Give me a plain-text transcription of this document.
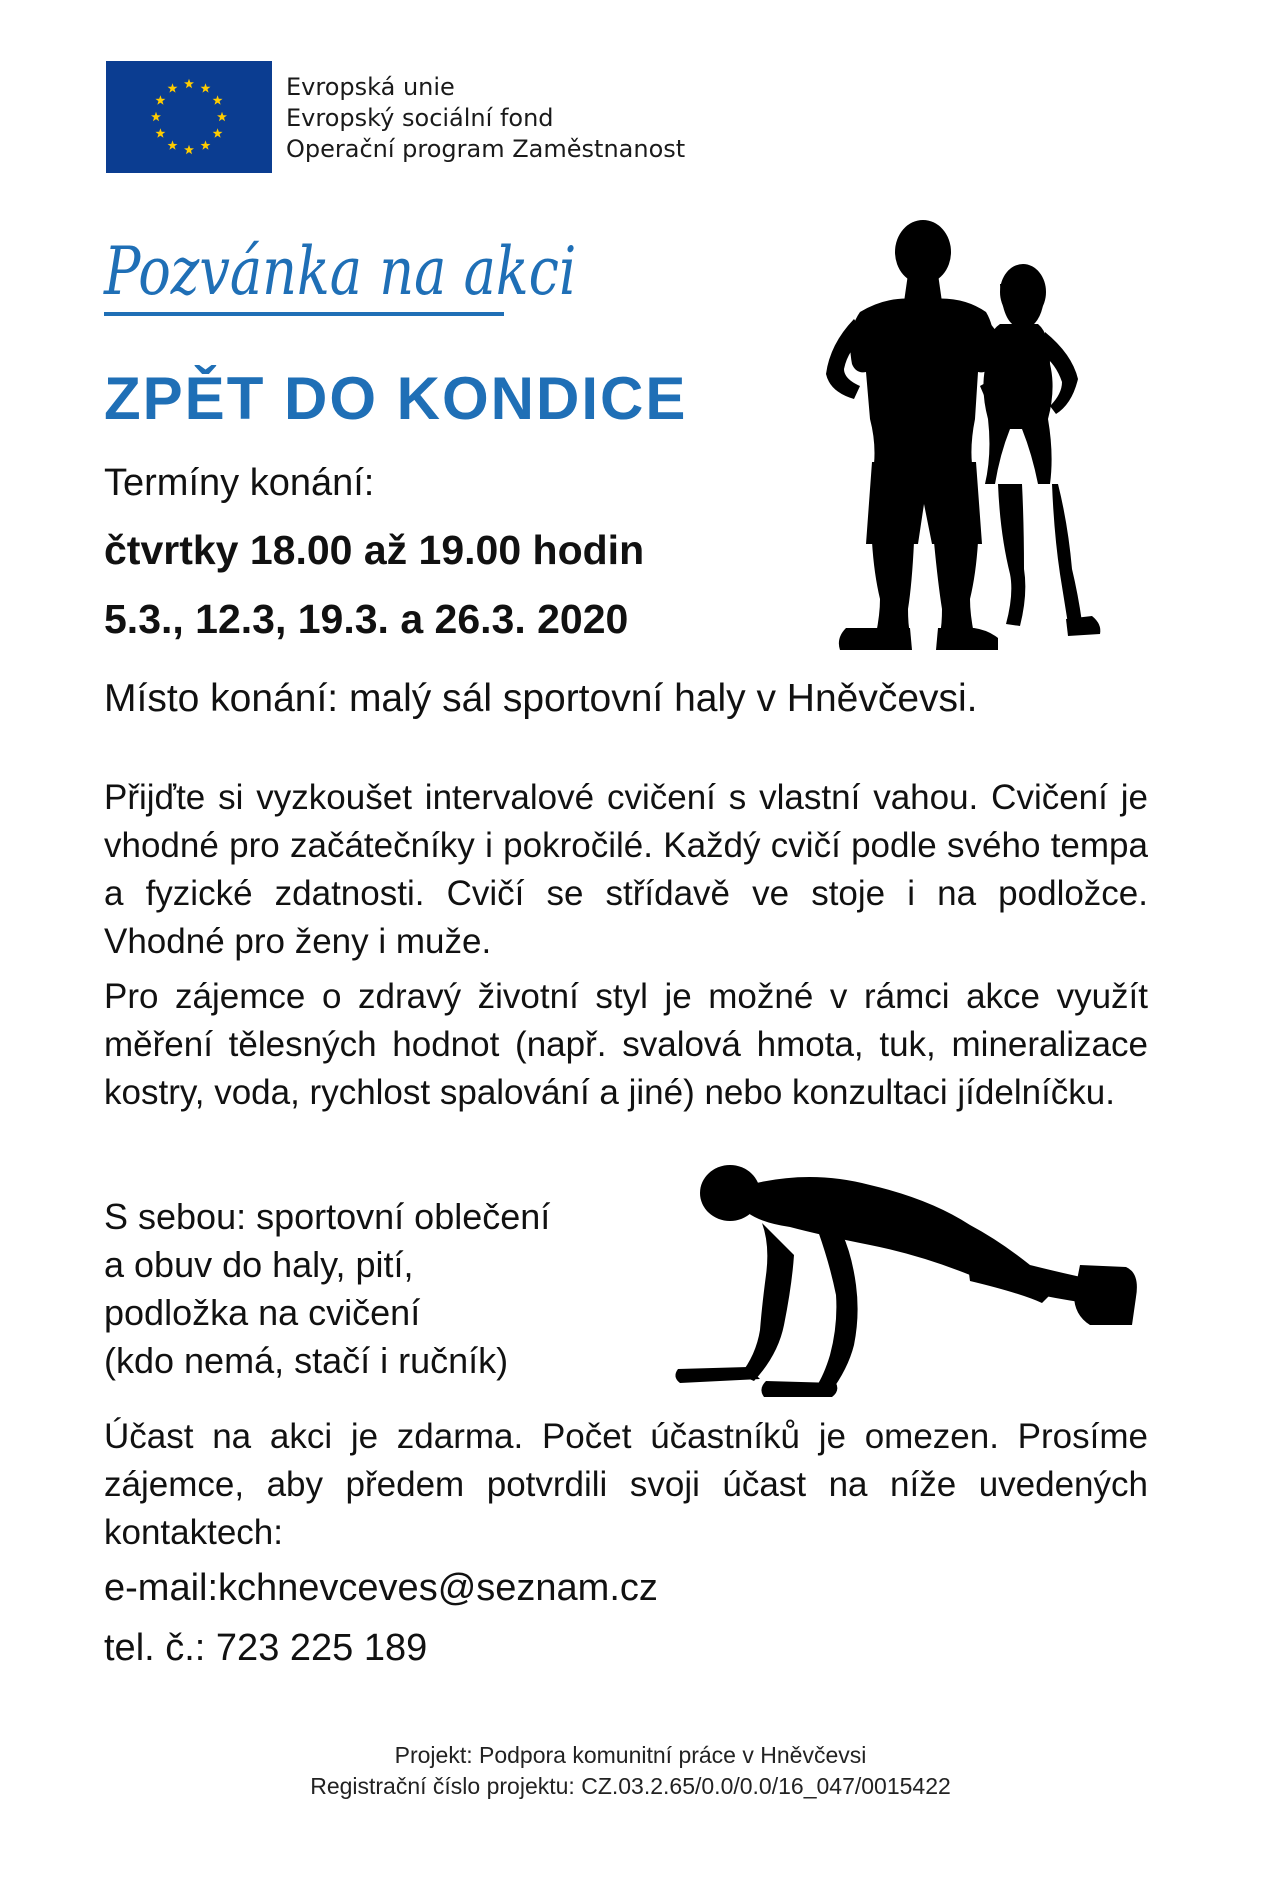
Evropská unie
Evropský sociální fond
Operační program Zaměstnanost
Pozvánka na akci
ZPĚT DO KONDICE
Termíny konání:
čtvrtky 18.00 až 19.00 hodin
5.3., 12.3, 19.3. a 26.3. 2020
Místo konání: malý sál sportovní haly v Hněvčevsi.
Přijďte si vyzkoušet intervalové cvičení s vlastní vahou. Cvičení je vhodné pro začátečníky i pokročilé. Každý cvičí podle svého tempa a fyzické zdatnosti. Cvičí se střídavě ve stoje i na podložce. Vhodné pro ženy i muže.
Pro zájemce o zdravý životní styl je možné v rámci akce využít měření tělesných hodnot (např. svalová hmota, tuk, mineralizace kostry, voda, rychlost spalování a jiné) nebo konzultaci jídelníčku.
S sebou: sportovní oblečení
a obuv do haly, pití,
podložka na cvičení
(kdo nemá, stačí i ručník)
Účast na akci je zdarma. Počet účastníků je omezen. Prosíme zájemce, aby předem potvrdili svoji účast na níže uvedených kontaktech:
e-mail:kchnevceves@seznam.cz
tel. č.: 723 225 189
Projekt: Podpora komunitní práce v Hněvčevsi
Registrační číslo projektu: CZ.03.2.65/0.0/0.0/16_047/0015422
